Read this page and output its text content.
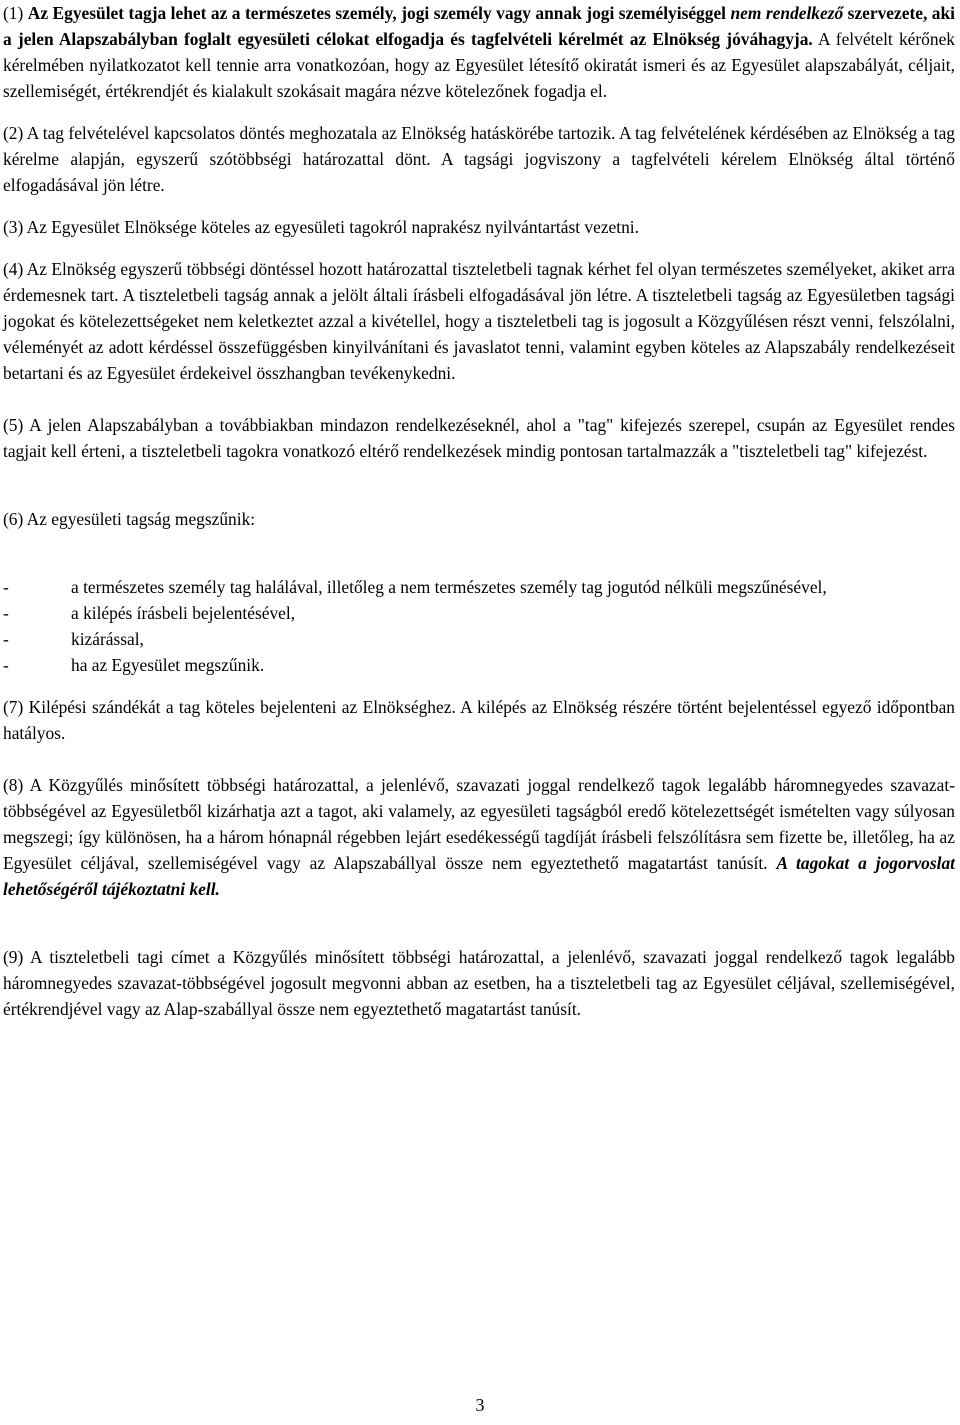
(1) Az Egyesület tagja lehet az a természetes személy, jogi személy vagy annak jogi személyiséggel nem rendelkező szervezete, aki a jelen Alapszabályban foglalt egyesületi célokat elfogadja és tagfelvételi kérelmét az Elnökség jóváhagyja. A felvételt kérőnek kérelmében nyilatkozatot kell tennie arra vonatkozóan, hogy az Egyesület létesítő okiratát ismeri és az Egyesület alapszabályát, céljait, szellemiségét, értékrendjét és kialakult szokásait magára nézve kötelezőnek fogadja el.

(2) A tag felvételével kapcsolatos döntés meghozatala az Elnökség hatáskörébe tartozik. A tag felvételének kérdésében az Elnökség a tag kérelme alapján, egyszerű szótöbbségi határozattal dönt. A tagsági jogviszony a tagfelvételi kérelem Elnökség által történő elfogadásával jön létre.

(3) Az Egyesület Elnöksége köteles az egyesületi tagokról naprakész nyilvántartást vezetni.

(4) Az Elnökség egyszerű többségi döntéssel hozott határozattal tiszteletbeli tagnak kérhet fel olyan természetes személyeket, akiket arra érdemesnek tart. A tiszteletbeli tagság annak a jelölt általi írásbeli elfogadásával jön létre. A tiszteletbeli tagság az Egyesületben tagsági jogokat és kötelezettségeket nem keletkeztet azzal a kivétellel, hogy a tiszteletbeli tag is jogosult a Közgyűlésen részt venni, felszólalni, véleményét az adott kérdéssel összefüggésben kinyilvánítani és javaslatot tenni, valamint egyben köteles az Alapszabály rendelkezéseit betartani és az Egyesület érdekeivel összhangban tevékenykedni.

(5) A jelen Alapszabályban a továbbiakban mindazon rendelkezéseknél, ahol a "tag" kifejezés szerepel, csupán az Egyesület rendes tagjait kell érteni, a tiszteletbeli tagokra vonatkozó eltérő rendelkezések mindig pontosan tartalmazzák a "tiszteletbeli tag" kifejezést.

(6) Az egyesületi tagság megszűnik:

-	a természetes személy tag halálával, illetőleg a nem természetes személy tag jogutód nélküli megszűnésével,
-	a kilépés írásbeli bejelentésével,
-	kizárással,
-	ha az Egyesület megszűnik.

(7) Kilépési szándékát a tag köteles bejelenteni az Elnökséghez. A kilépés az Elnökség részére történt bejelentéssel egyező időpontban hatályos.

(8) A Közgyűlés minősített többségi határozattal, a jelenlévő, szavazati joggal rendelkező tagok legalább háromnegyedes szavazat-többségével az Egyesületből kizárhatja azt a tagot, aki valamely, az egyesületi tagságból eredő kötelezettségét ismételten vagy súlyosan megszegi; így különösen, ha a három hónapnál régebben lejárt esedékességű tagdíját írásbeli felszólításra sem fizette be, illetőleg, ha az Egyesület céljával, szellemiségével vagy az Alapszabállyal össze nem egyeztethető magatartást tanúsít. A tagokat a jogorvoslat lehetőségéről tájékoztatni kell.

(9) A tiszteletbeli tagi címet a Közgyűlés minősített többségi határozattal, a jelenlévő, szavazati joggal rendelkező tagok legalább háromnegyedes szavazat-többségével jogosult megvonni abban az esetben, ha a tiszteletbeli tag az Egyesület céljával, szellemiségével, értékrendjével vagy az Alap-szabállyal össze nem egyeztethető magatartást tanúsít.

3
